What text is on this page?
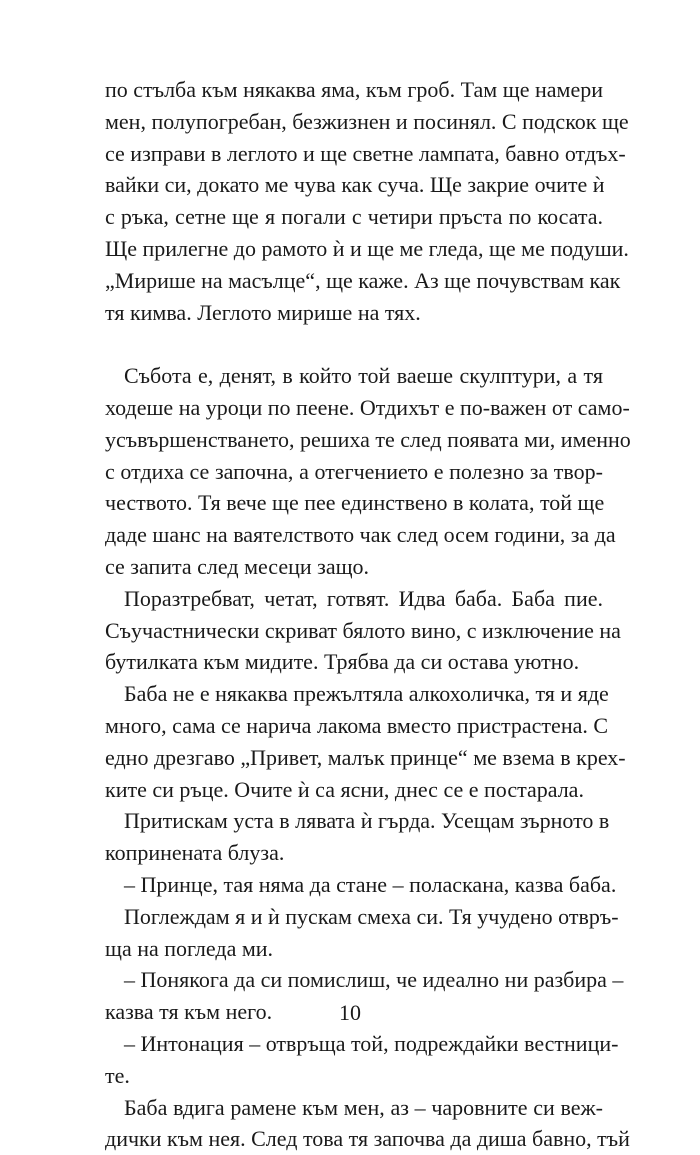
по стълба към някаква яма, към гроб. Там ще намери
мен, полупогребан, безжизнен и посинял. С подскок ще
се изправи в леглото и ще светне лампата, бавно отдъх-
вайки си, докато ме чува как суча. Ще закрие очите ѝ
с ръка, сетне ще я погали с четири пръста по косата.
Ще прилегне до рамото ѝ и ще ме гледа, ще ме подуши.
„Мирише на масълце“, ще каже. Аз ще почувствам как
тя кимва. Леглото мирише на тях.
Събота е, денят, в който той ваеше скулптури, а тя
ходеше на уроци по пеене. Отдихът е по-важен от само-
усъвършенстването, решиха те след появата ми, именно
с отдиха се започна, а отегчението е полезно за твор-
чеството. Тя вече ще пее единствено в колата, той ще
даде шанс на ваятелството чак след осем години, за да
се запита след месеци защо.
Поразтребват, четат, готвят. Идва баба. Баба пие.
Съучастнически скриват бялото вино, с изключение на
бутилката към мидите. Трябва да си остава уютно.
Баба не е някаква прежълтяла алкохоличка, тя и яде
много, сама се нарича лакома вместо пристрастена. С
едно дрезгаво „Привет, малък принце“ ме взема в крех-
ките си ръце. Очите ѝ са ясни, днес се е постарала.
Притискам уста в лявата ѝ гърда. Усещам зърното в
копринената блуза.
– Принце, тая няма да стане – поласкана, казва баба.
Поглеждам я и ѝ пускам смеха си. Тя учудено отвръ-
ща на погледа ми.
– Понякога да си помислиш, че идеално ни разбира –
казва тя към него.
– Интонация – отвръща той, подреждайки вестници-
те.
Баба вдига рамене към мен, аз – чаровните си веж-
дички към нея. След това тя започва да диша бавно, тъй
10
